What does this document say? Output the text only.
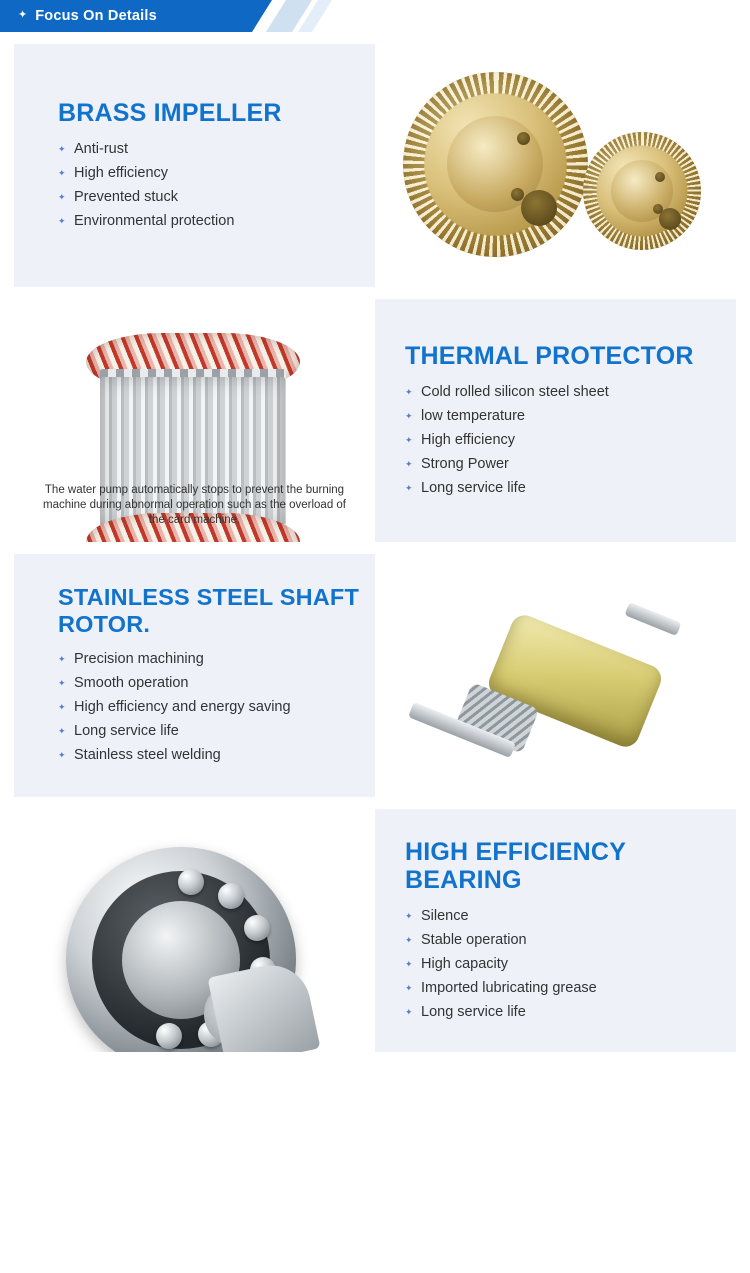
✦ Focus On Details
BRASS IMPELLER
✦ Anti-rust
✦ High efficiency
✦ Prevented stuck
✦ Environmental protection
The water pump automatically stops to prevent the burning machine during abnormal operation such as the overload of the card machine.
THERMAL PROTECTOR
✦ Cold rolled silicon steel sheet
✦ low temperature
✦ High efficiency
✦ Strong Power
✦ Long service life
STAINLESS STEEL SHAFT ROTOR.
✦ Precision machining
✦ Smooth operation
✦ High efficiency and energy saving
✦ Long service life
✦ Stainless steel welding
HIGH EFFICIENCY BEARING
✦ Silence
✦ Stable operation
✦ High capacity
✦ Imported lubricating grease
✦ Long service life
